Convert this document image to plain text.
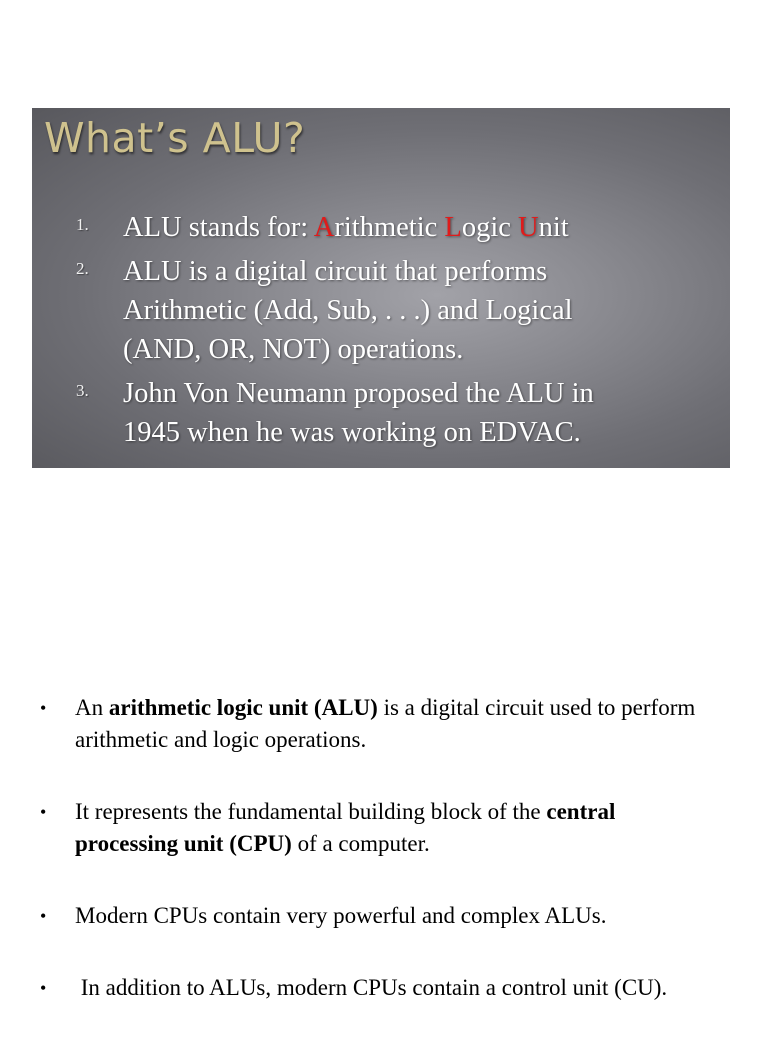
What’s ALU?
1.	ALU stands for: Arithmetic Logic Unit
2.	ALU is a digital circuit that performs
Arithmetic (Add, Sub, . . .) and Logical
(AND, OR, NOT) operations.
3.	John Von Neumann proposed the ALU in
1945 when he was working on EDVAC.
•	An arithmetic logic unit (ALU) is a digital circuit used to perform arithmetic and logic operations.
•	It represents the fundamental building block of the central processing unit (CPU) of a computer.
•	Modern CPUs contain very powerful and complex ALUs.
•	In addition to ALUs, modern CPUs contain a control unit (CU).
